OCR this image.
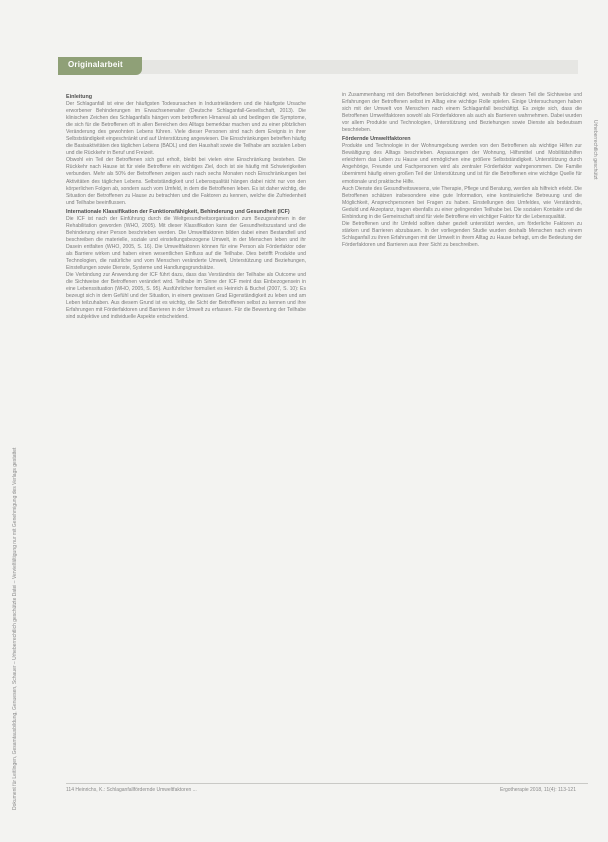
Originalarbeit
Dokument für Leitlingen, Gesamtausbildung, Genuesen, Schauer – Urheberrechtlich geschützte Datei – Vervielfältigung nur mit Genehmigung des Verlags gestattet
Urheberrechtlich geschützt
Einleitung

Der Schlaganfall ist eine der häufigsten Todesursachen in Industrieländern und die häufigste Ursache erworbener Behinderungen im Erwachsenenalter (Deutsche Schlaganfall-Gesellschaft, 2013). Die klinischen Zeichen des Schlaganfalls hängen vom betroffenen Hirnareal ab und bedingen die Symptome, die sich für die Betroffenen oft in allen Bereichen des Alltags bemerkbar machen und zu einer plötzlichen Veränderung des gewohnten Lebens führen. Viele dieser Personen sind nach dem Ereignis in ihrer Selbstständigkeit eingeschränkt und auf Unterstützung angewiesen. Die Einschränkungen betreffen häufig die Basisaktivitäten des täglichen Lebens (BADL) und den Haushalt sowie die Teilhabe am sozialen Leben und die Rückkehr in Beruf und Freizeit.

Obwohl ein Teil der Betroffenen sich gut erholt, bleibt bei vielen eine Einschränkung bestehen. Die Rückkehr nach Hause ist für viele Betroffene ein wichtiges Ziel, doch ist sie häufig mit Schwierigkeiten verbunden. Mehr als 50% der Betroffenen zeigen auch nach sechs Monaten noch Einschränkungen bei Aktivitäten des täglichen Lebens. Selbstständigkeit und Lebensqualität hängen dabei nicht nur von den körperlichen Folgen ab, sondern auch vom Umfeld, in dem die Betroffenen leben. Es ist daher wichtig, die Situation der Betroffenen zu Hause zu betrachten und die Faktoren zu kennen, welche die Zufriedenheit und Teilhabe beeinflussen.

Internationale Klassifikation der Funktionsfähigkeit, Behinderung und Gesundheit (ICF)

Die ICF ist nach der Einführung durch die Weltgesundheitsorganisation zum Bezugsrahmen in der Rehabilitation geworden (WHO, 2005). Mit dieser Klassifikation kann der Gesundheitszustand und die Behinderung einer Person beschrieben werden. Die Umweltfaktoren bilden dabei einen Bestandteil und beschreiben die materielle, soziale und einstellungsbezogene Umwelt, in der Menschen leben und ihr Dasein entfalten (WHO, 2005, S. 16). Die Umweltfaktoren können für eine Person als Förderfaktor oder als Barriere wirken und haben einen wesentlichen Einfluss auf die Teilhabe. Dies betrifft Produkte und Technologien, die natürliche und vom Menschen veränderte Umwelt, Unterstützung und Beziehungen, Einstellungen sowie Dienste, Systeme und Handlungsgrundsätze.

Die Verbindung zur Anwendung der ICF führt dazu, dass das Verständnis der Teilhabe als Outcome und die Sichtweise der Betroffenen verändert wird. Teilhabe im Sinne der ICF meint das Einbezogensein in eine Lebenssituation (WHO, 2005, S. 95). Ausführlicher formuliert es Heinrich & Buchel (2007, S. 10): Es bezeugt sich in dem Gefühl und der Situation, in einem gewissen Grad Eigenständigkeit zu leben und am Leben teilzuhaben. Aus diesem Grund ist es wichtig, die Sicht der Betroffenen selbst zu kennen und ihre Erfahrungen mit Förderfaktoren und Barrieren in der Umwelt zu erfassen. Für die Bewertung der Teilhabe sind subjektive und individuelle Aspekte entscheidend.

in Zusammenhang mit den Betroffenen berücksichtigt wird, weshalb für diesen Teil die Sichtweise und Erfahrungen der Betroffenen selbst im Alltag eine wichtige Rolle spielen. Einige Untersuchungen haben sich mit der Umwelt von Menschen nach einem Schlaganfall beschäftigt. Es zeigte sich, dass die Betroffenen Umweltfaktoren sowohl als Förderfaktoren als auch als Barrieren wahrnehmen. Dabei wurden vor allem Produkte und Technologien, Unterstützung und Beziehungen sowie Dienste als bedeutsam beschrieben.

Fördernde Umweltfaktoren

Produkte und Technologie in der Wohnumgebung werden von den Betroffenen als wichtige Hilfen zur Bewältigung des Alltags beschrieben. Anpassungen der Wohnung, Hilfsmittel und Mobilitätshilfen erleichtern das Leben zu Hause und ermöglichen eine größere Selbstständigkeit. Unterstützung durch Angehörige, Freunde und Fachpersonen wird als zentraler Förderfaktor wahrgenommen. Die Familie übernimmt häufig einen großen Teil der Unterstützung und ist für die Betroffenen eine wichtige Quelle für emotionale und praktische Hilfe.

Auch Dienste des Gesundheitswesens, wie Therapie, Pflege und Beratung, werden als hilfreich erlebt. Die Betroffenen schätzen insbesondere eine gute Information, eine kontinuierliche Betreuung und die Möglichkeit, Ansprechpersonen bei Fragen zu haben. Einstellungen des Umfeldes, wie Verständnis, Geduld und Akzeptanz, tragen ebenfalls zu einer gelingenden Teilhabe bei. Die sozialen Kontakte und die Einbindung in die Gemeinschaft sind für viele Betroffene ein wichtiger Faktor für die Lebensqualität.

Die Betroffenen und ihr Umfeld sollten daher gezielt unterstützt werden, um förderliche Faktoren zu stärken und Barrieren abzubauen. In der vorliegenden Studie wurden deshalb Menschen nach einem Schlaganfall zu ihren Erfahrungen mit der Umwelt in ihrem Alltag zu Hause befragt, um die Bedeutung der Förderfaktoren und Barrieren aus ihrer Sicht zu beschreiben.

114 Heinrichs, K.: Schlaganfallfördernde Umweltfaktoren ...	Ergotherapie 2018, 11(4): 113-121
